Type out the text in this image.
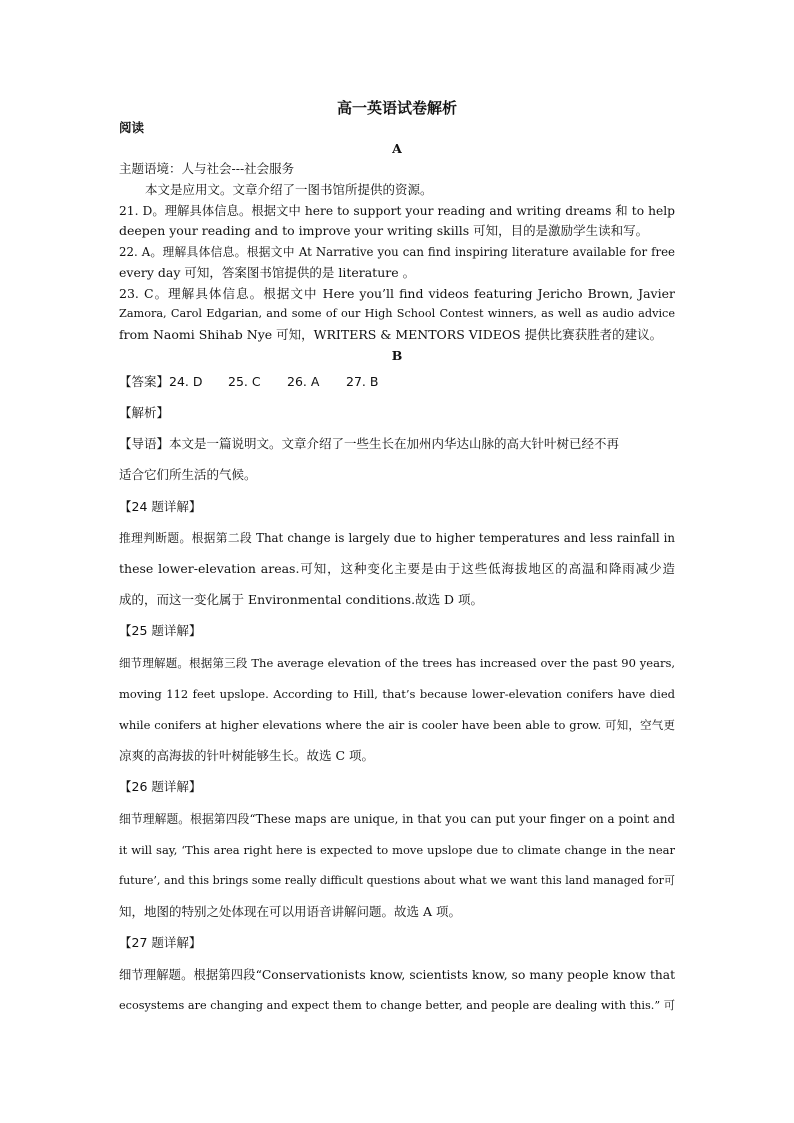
高一英语试卷解析
阅读
A
主题语境：人与社会---社会服务
本文是应用文。文章介绍了一图书馆所提供的资源。
21. D。理解具体信息。根据文中 here to support your reading and writing dreams 和 to help
deepen your reading and to improve your writing skills 可知，目的是激励学生读和写。
22. A。理解具体信息。根据文中 At Narrative you can find inspiring literature available for free
every day 可知，答案图书馆提供的是 literature 。
23. C。理解具体信息。根据文中 Here you’ll find videos featuring Jericho Brown, Javier
Zamora, Carol Edgarian, and some of our High School Contest winners, as well as audio advice
from Naomi Shihab Nye 可知，WRITERS & MENTORS VIDEOS 提供比赛获胜者的建议。
B
【答案】24. D 25. C 26. A 27. B
【解析】
【导语】本文是一篇说明文。文章介绍了一些生长在加州内华达山脉的高大针叶树已经不再
适合它们所生活的气候。
【24 题详解】
推理判断题。根据第二段 That change is largely due to higher temperatures and less rainfall in
these lower-elevation areas.可知，这种变化主要是由于这些低海拔地区的高温和降雨减少造
成的，而这一变化属于 Environmental conditions.故选 D 项。
【25 题详解】
细节理解题。根据第三段 The average elevation of the trees has increased over the past 90 years,
moving 112 feet upslope. According to Hill, that’s because lower-elevation conifers have died
while conifers at higher elevations where the air is cooler have been able to grow. 可知，空气更
凉爽的高海拔的针叶树能够生长。故选 C 项。
【26 题详解】
细节理解题。根据第四段“These maps are unique, in that you can put your finger on a point and
it will say, ‘This area right here is expected to move upslope due to climate change in the near
future’, and this brings some really difficult questions about what we want this land managed for可
知，地图的特别之处体现在可以用语音讲解问题。故选 A 项。
【27 题详解】
细节理解题。根据第四段“Conservationists know, scientists know, so many people know that
ecosystems are changing and expect them to change better, and people are dealing with this.” 可
